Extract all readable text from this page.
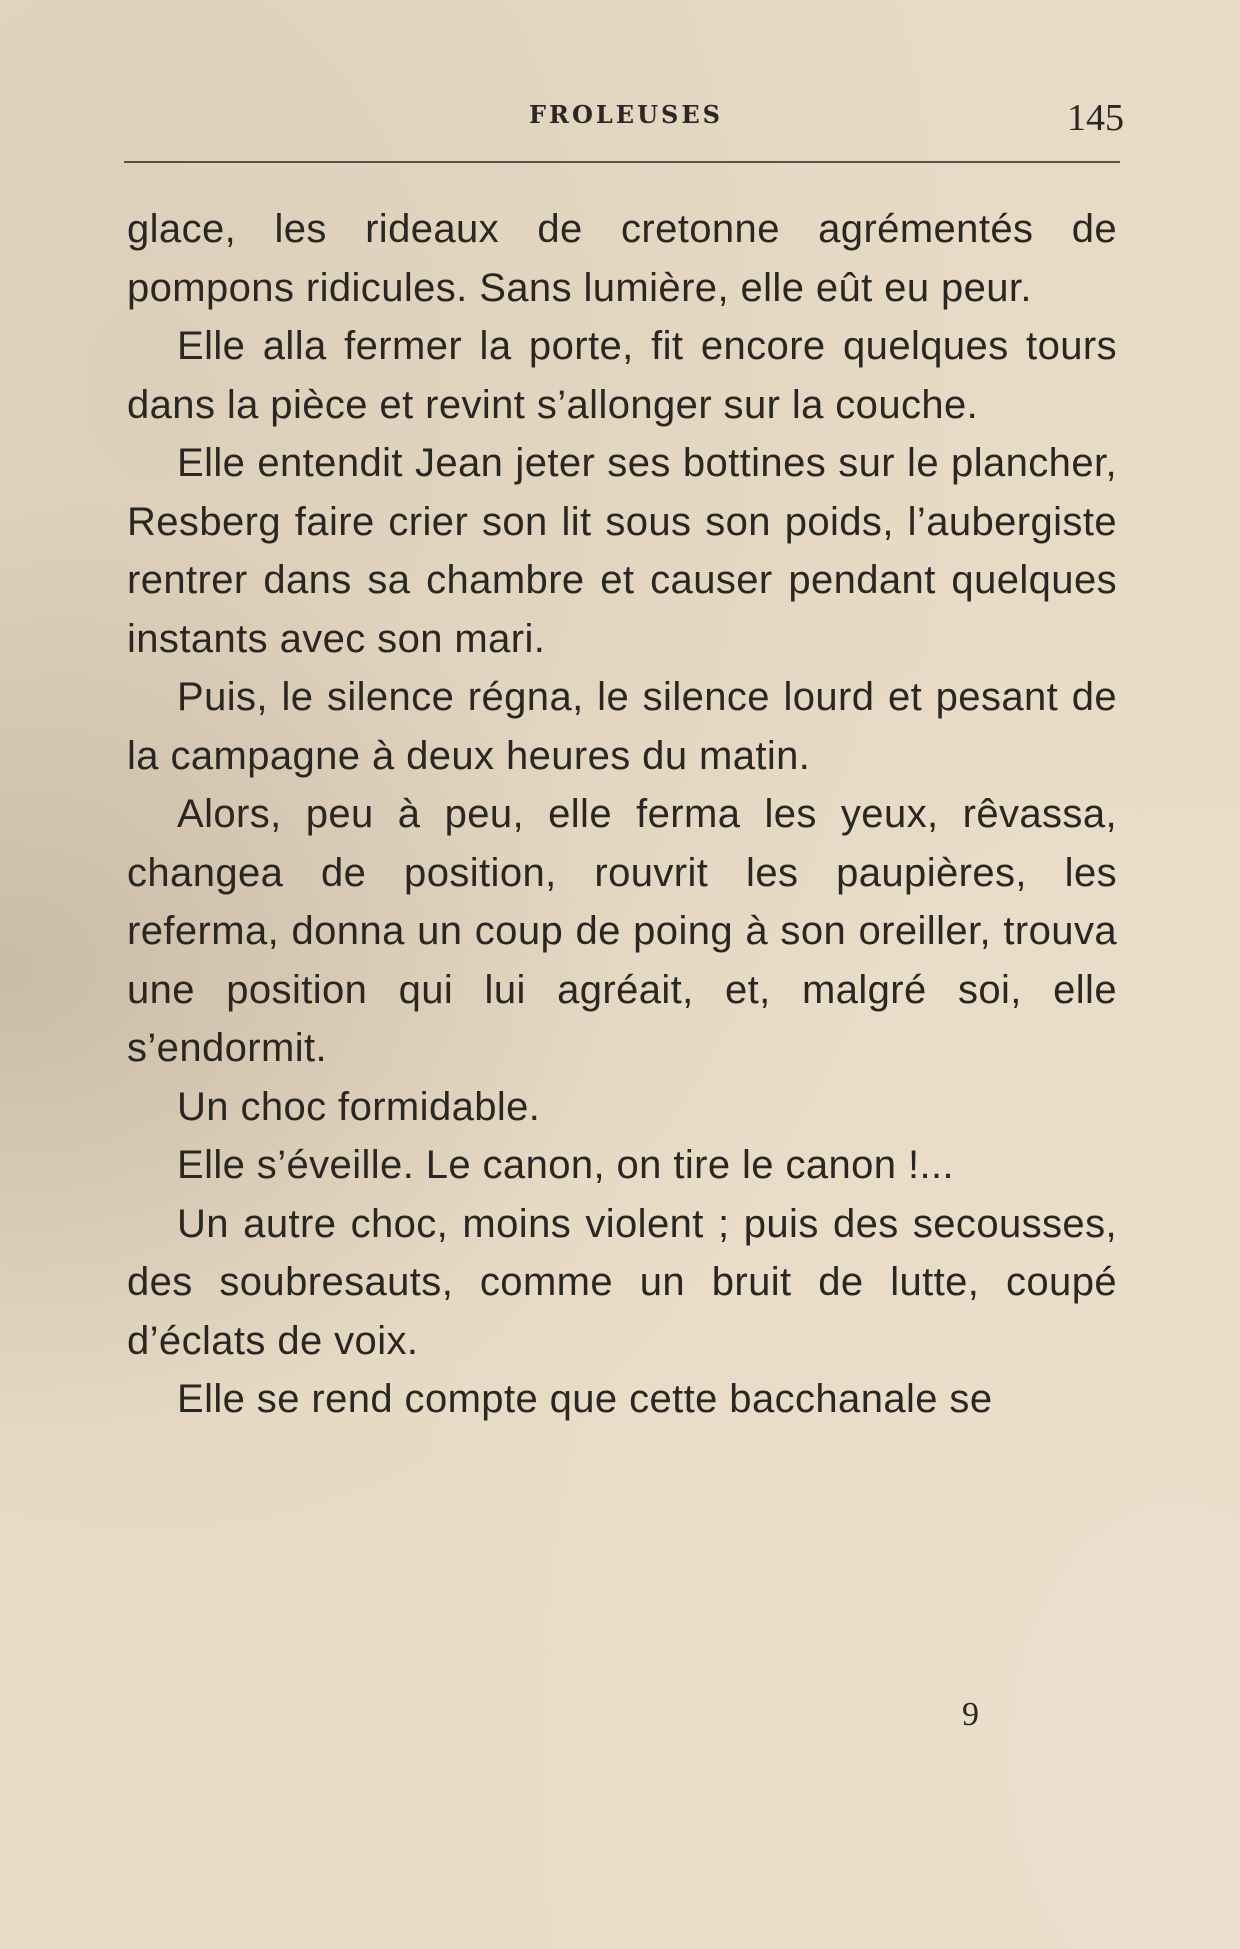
FROLEUSES	145

glace, les rideaux de cretonne agrémentés de pompons ridicules. Sans lumière, elle eût eu peur.

Elle alla fermer la porte, fit encore quelques tours dans la pièce et revint s’allonger sur la couche.

Elle entendit Jean jeter ses bottines sur le plancher, Resberg faire crier son lit sous son poids, l’aubergiste rentrer dans sa chambre et causer pendant quelques instants avec son mari.

Puis, le silence régna, le silence lourd et pesant de la campagne à deux heures du matin.

Alors, peu à peu, elle ferma les yeux, rêvassa, changea de position, rouvrit les paupières, les referma, donna un coup de poing à son oreiller, trouva une position qui lui agréait, et, malgré soi, elle s’endormit.

Un choc formidable.

Elle s’éveille. Le canon, on tire le canon !...

Un autre choc, moins violent ; puis des secousses, des soubresauts, comme un bruit de lutte, coupé d’éclats de voix.

Elle se rend compte que cette bacchanale se

9
